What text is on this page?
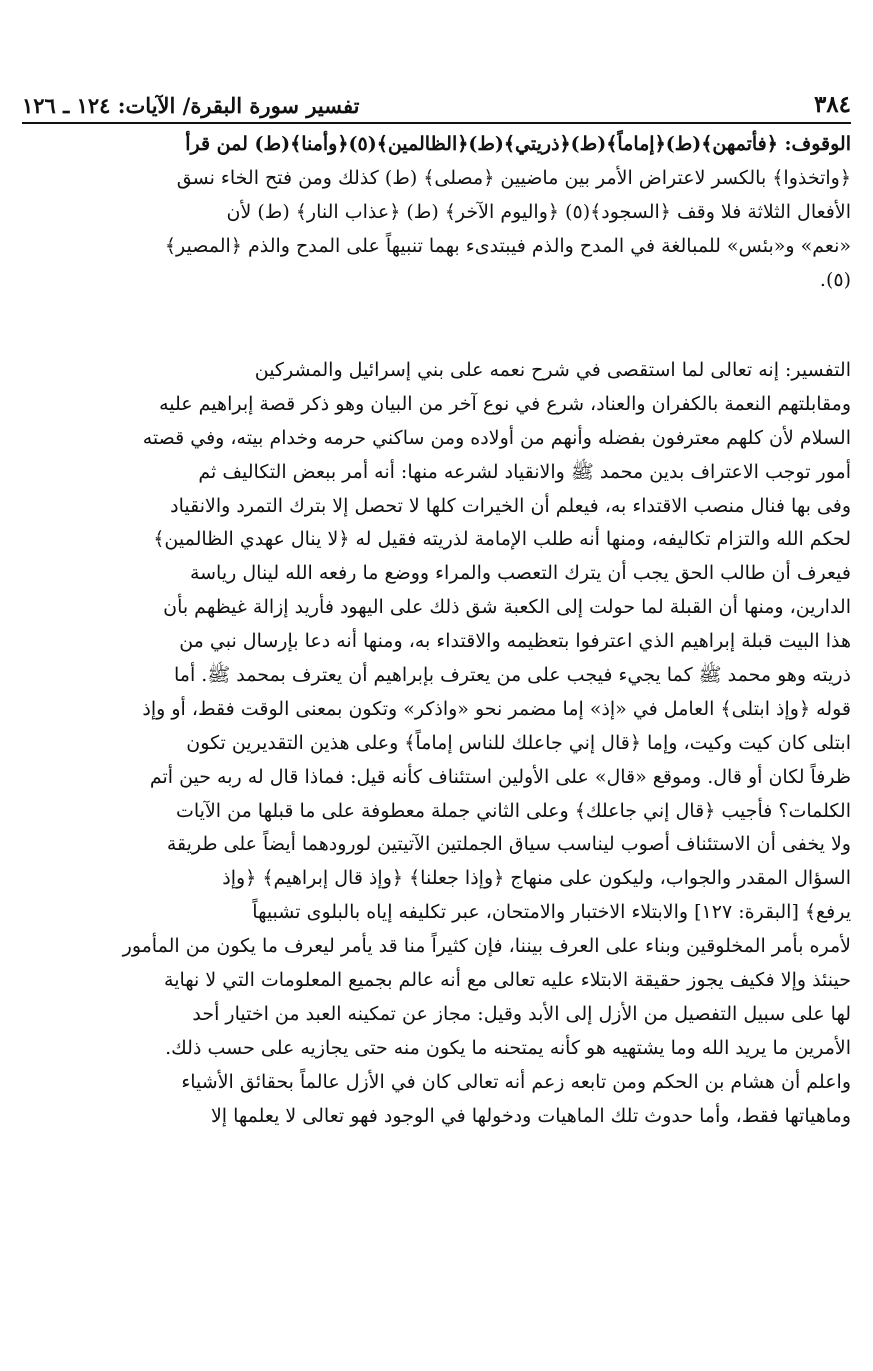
٣٨٤
تفسير سورة البقرة/ الآيات: ١٢٤ ـ ١٢٦
الوقوف: ﴿فأتمهن﴾(ط)﴿إماماً﴾(ط)﴿ذريتي﴾(ط)﴿الظالمين﴾(٥)﴿وأمنا﴾(ط) لمن قرأ
﴿واتخذوا﴾ بالكسر لاعتراض الأمر بين ماضيين ﴿مصلى﴾ (ط) كذلك ومن فتح الخاء نسق
الأفعال الثلاثة فلا وقف ﴿السجود﴾(٥) ﴿واليوم الآخر﴾ (ط) ﴿عذاب النار﴾ (ط) لأن
«نعم» و«بئس» للمبالغة في المدح والذم فيبتدىء بهما تنبيهاً على المدح والذم ﴿المصير﴾
(٥).
التفسير: إنه تعالى لما استقصى في شرح نعمه على بني إسرائيل والمشركين
ومقابلتهم النعمة بالكفران والعناد، شرع في نوع آخر من البيان وهو ذكر قصة إبراهيم عليه
السلام لأن كلهم معترفون بفضله وأنهم من أولاده ومن ساكني حرمه وخدام بيته، وفي قصته
أمور توجب الاعتراف بدين محمد ﷺ والانقياد لشرعه منها: أنه أمر ببعض التكاليف ثم
وفى بها فنال منصب الاقتداء به، فيعلم أن الخيرات كلها لا تحصل إلا بترك التمرد والانقياد
لحكم الله والتزام تكاليفه، ومنها أنه طلب الإمامة لذريته فقيل له ﴿لا ينال عهدي الظالمين﴾
فيعرف أن طالب الحق يجب أن يترك التعصب والمراء ووضع ما رفعه الله لينال رياسة
الدارين، ومنها أن القبلة لما حولت إلى الكعبة شق ذلك على اليهود فأريد إزالة غيظهم بأن
هذا البيت قبلة إبراهيم الذي اعترفوا بتعظيمه والاقتداء به، ومنها أنه دعا بإرسال نبي من
ذريته وهو محمد ﷺ كما يجيء فيجب على من يعترف بإبراهيم أن يعترف بمحمد ﷺ. أما
قوله ﴿وإذ ابتلى﴾ العامل في «إذ» إما مضمر نحو «واذكر» وتكون بمعنى الوقت فقط، أو وإذ
ابتلى كان كيت وكيت، وإما ﴿قال إني جاعلك للناس إماماً﴾ وعلى هذين التقديرين تكون
ظرفاً لكان أو قال. وموقع «قال» على الأولين استئناف كأنه قيل: فماذا قال له ربه حين أتم
الكلمات؟ فأجيب ﴿قال إني جاعلك﴾ وعلى الثاني جملة معطوفة على ما قبلها من الآيات
ولا يخفى أن الاستئناف أصوب ليناسب سياق الجملتين الآتيتين لورودهما أيضاً على طريقة
السؤال المقدر والجواب، وليكون على منهاج ﴿وإذا جعلنا﴾ ﴿وإذ قال إبراهيم﴾ ﴿وإذ
يرفع﴾ [البقرة: ١٢٧] والابتلاء الاختبار والامتحان، عبر تكليفه إياه بالبلوى تشبيهاً
لأمره بأمر المخلوقين وبناء على العرف بيننا، فإن كثيراً منا قد يأمر ليعرف ما يكون من المأمور
حينئذ وإلا فكيف يجوز حقيقة الابتلاء عليه تعالى مع أنه عالم بجميع المعلومات التي لا نهاية
لها على سبيل التفصيل من الأزل إلى الأبد وقيل: مجاز عن تمكينه العبد من اختيار أحد
الأمرين ما يريد الله وما يشتهيه هو كأنه يمتحنه ما يكون منه حتى يجازيه على حسب ذلك.
واعلم أن هشام بن الحكم ومن تابعه زعم أنه تعالى كان في الأزل عالماً بحقائق الأشياء
وماهياتها فقط، وأما حدوث تلك الماهيات ودخولها في الوجود فهو تعالى لا يعلمها إلا
